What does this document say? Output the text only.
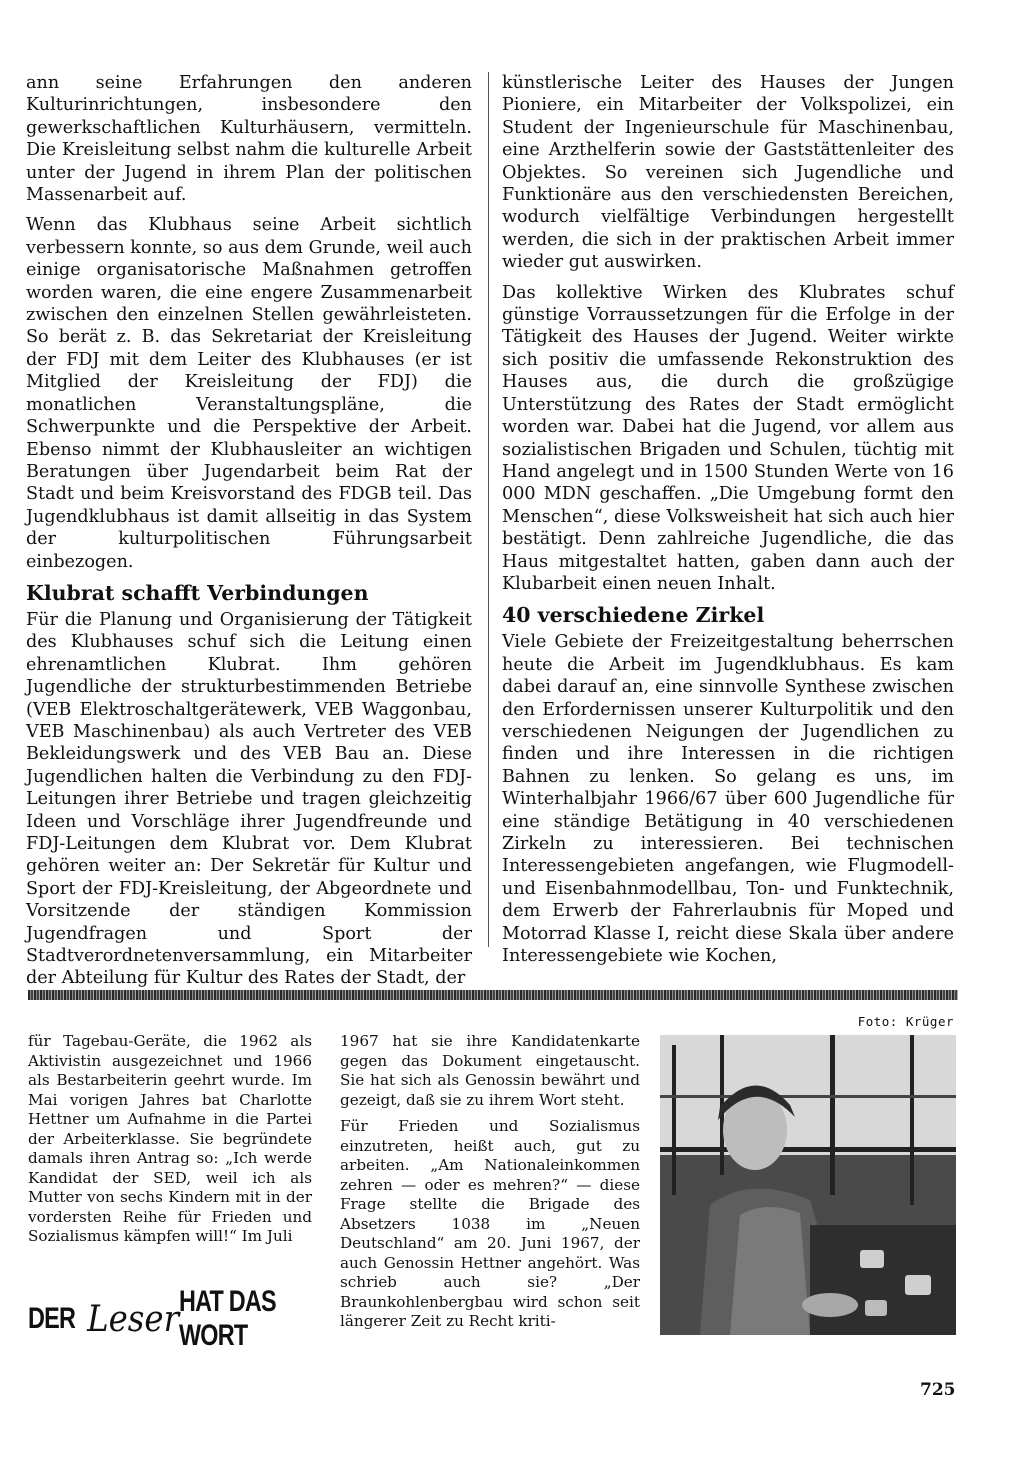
ann seine Erfahrungen den anderen Kulturinrichtungen, insbesondere den gewerkschaftlichen Kulturhäusern, vermitteln. Die Kreisleitung selbst nahm die kulturelle Arbeit unter der Jugend in ihrem Plan der politischen Massenarbeit auf.

Wenn das Klubhaus seine Arbeit sichtlich verbessern konnte, so aus dem Grunde, weil auch einige organisatorische Maßnahmen getroffen worden waren, die eine engere Zusammenarbeit zwischen den einzelnen Stellen gewährleisteten. So berät z. B. das Sekretariat der Kreisleitung der FDJ mit dem Leiter des Klubhauses (er ist Mitglied der Kreisleitung der FDJ) die monatlichen Veranstaltungspläne, die Schwerpunkte und die Perspektive der Arbeit. Ebenso nimmt der Klubhausleiter an wichtigen Beratungen über Jugendarbeit beim Rat der Stadt und beim Kreisvorstand des FDGB teil. Das Jugendklubhaus ist damit allseitig in das System der kulturpolitischen Führungsarbeit einbezogen.

Klubrat schafft Verbindungen

Für die Planung und Organisierung der Tätigkeit des Klubhauses schuf sich die Leitung einen ehrenamtlichen Klubrat. Ihm gehören Jugendliche der strukturbestimmenden Betriebe (VEB Elektroschaltgerätewerk, VEB Waggonbau, VEB Maschinenbau) als auch Vertreter des VEB Bekleidungswerk und des VEB Bau an. Diese Jugendlichen halten die Verbindung zu den FDJ-Leitungen ihrer Betriebe und tragen gleichzeitig Ideen und Vorschläge ihrer Jugendfreunde und FDJ-Leitungen dem Klubrat vor. Dem Klubrat gehören weiter an: Der Sekretär für Kultur und Sport der FDJ-Kreisleitung, der Abgeordnete und Vorsitzende der ständigen Kommission Jugendfragen und Sport der Stadtverordnetenversammlung, ein Mitarbeiter der Abteilung für Kultur des Rates der Stadt, der

künstlerische Leiter des Hauses der Jungen Pioniere, ein Mitarbeiter der Volkspolizei, ein Student der Ingenieurschule für Maschinenbau, eine Arzthelferin sowie der Gaststättenleiter des Objektes. So vereinen sich Jugendliche und Funktionäre aus den verschiedensten Bereichen, wodurch vielfältige Verbindungen hergestellt werden, die sich in der praktischen Arbeit immer wieder gut auswirken.

Das kollektive Wirken des Klubrates schuf günstige Vorraussetzungen für die Erfolge in der Tätigkeit des Hauses der Jugend. Weiter wirkte sich positiv die umfassende Rekonstruktion des Hauses aus, die durch die großzügige Unterstützung des Rates der Stadt ermöglicht worden war. Dabei hat die Jugend, vor allem aus sozialistischen Brigaden und Schulen, tüchtig mit Hand angelegt und in 1500 Stunden Werte von 16 000 MDN geschaffen. „Die Umgebung formt den Menschen“, diese Volksweisheit hat sich auch hier bestätigt. Denn zahlreiche Jugendliche, die das Haus mitgestaltet hatten, gaben dann auch der Klubarbeit einen neuen Inhalt.

40 verschiedene Zirkel

Viele Gebiete der Freizeitgestaltung beherrschen heute die Arbeit im Jugendklubhaus. Es kam dabei darauf an, eine sinnvolle Synthese zwischen den Erfordernissen unserer Kulturpolitik und den verschiedenen Neigungen der Jugendlichen zu finden und ihre Interessen in die richtigen Bahnen zu lenken. So gelang es uns, im Winterhalbjahr 1966/67 über 600 Jugendliche für eine ständige Betätigung in 40 verschiedenen Zirkeln zu interessieren. Bei technischen Interessengebieten angefangen, wie Flugmodell- und Eisenbahnmodellbau, Ton- und Funktechnik, dem Erwerb der Fahrerlaubnis für Moped und Motorrad Klasse I, reicht diese Skala über andere Interessengebiete wie Kochen,

Foto: Krüger

für Tagebau-Geräte, die 1962 als Aktivistin ausgezeichnet und 1966 als Bestarbeiterin geehrt wurde. Im Mai vorigen Jahres bat Charlotte Hettner um Aufnahme in die Partei der Arbeiterklasse. Sie begründete damals ihren Antrag so: „Ich werde Kandidat der SED, weil ich als Mutter von sechs Kindern mit in der vordersten Reihe für Frieden und Sozialismus kämpfen will!“ Im Juli

1967 hat sie ihre Kandidatenkarte gegen das Dokument eingetauscht. Sie hat sich als Genossin bewährt und gezeigt, daß sie zu ihrem Wort steht.

Für Frieden und Sozialismus einzutreten, heißt auch, gut zu arbeiten. „Am Nationaleinkommen zehren — oder es mehren?“ — diese Frage stellte die Brigade des Absetzers 1038 im „Neuen Deutschland“ am 20. Juni 1967, der auch Genossin Hettner angehört. Was schrieb auch sie? „Der Braunkohlenbergbau wird schon seit längerer Zeit zu Recht kriti-

DER Leser HAT DAS WORT
725
